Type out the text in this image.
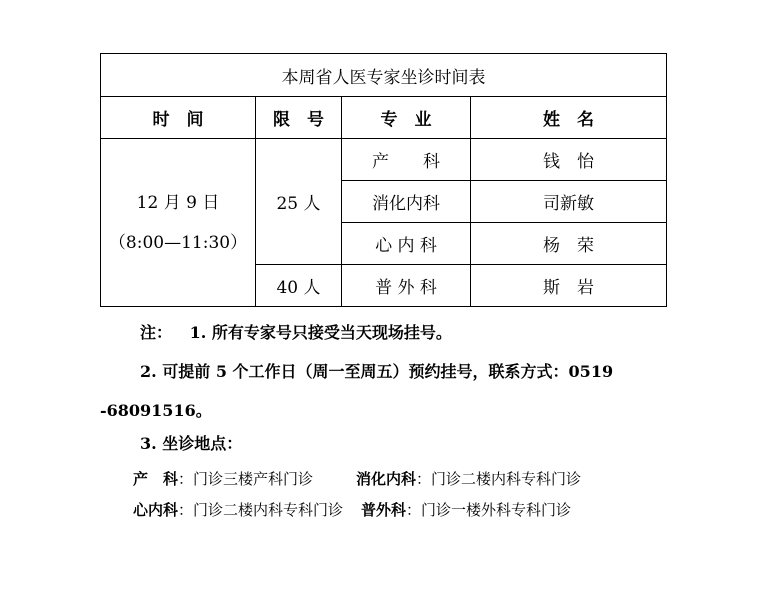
本周省人医专家坐诊时间表			
时　间	限　号	专　业	姓　名

12 月 9 日
（8:00—11:30）	25 人	产　　科	钱　怡
		消化内科	司新敏
		心 内 科	杨　荣
	40 人	普 外 科	斯　岩
注： 1. 所有专家号只接受当天现场挂号。
2. 可提前 5 个工作日（周一至周五）预约挂号，联系方式：0519
-68091516。
3. 坐诊地点：
产　科：门诊三楼产科门诊	消化内科：门诊二楼内科专科门诊
心内科：门诊二楼内科专科门诊 普外科：门诊一楼外科专科门诊
